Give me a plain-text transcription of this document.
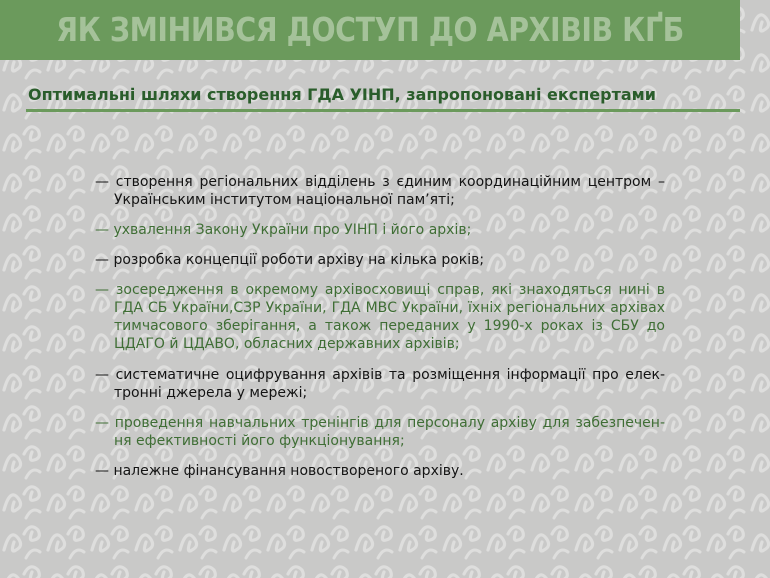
ЯК ЗМІНИВСЯ ДОСТУП ДО АРХІВІВ КҐБ
Оптимальні шляхи створення ГДА УІНП, запропоновані експертами
— створення регіональних відділень з єдиним координаційним центром – Українським інститутом національної пам’яті;
— ухвалення Закону України про УІНП і його архів;
— розробка концепції роботи архіву на кілька років;
— зосередження в окремому архівосховищі справ, які знаходяться нині в ГДА СБ України,СЗР України, ГДА МВС України, їхніх регіональних архівах тимчасового зберігання, а також переданих у 1990-х роках із СБУ до ЦДАГО й ЦДАВО, обласних державних архівів;
— систематичне оцифрування архівів та розміщення інформації про електронні джерела у мережі;
— проведення навчальних тренінгів для персоналу архіву для забезпечення ефективності його функціонування;
— належне фінансування новоствореного архіву.
